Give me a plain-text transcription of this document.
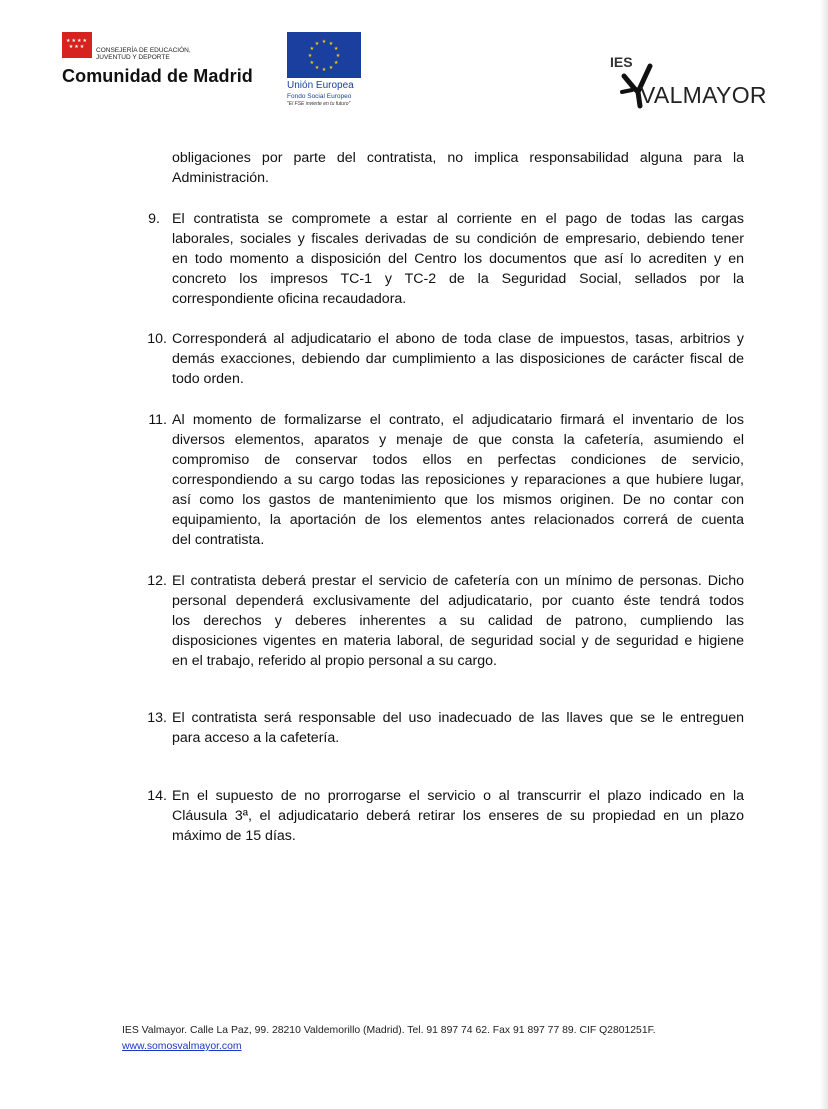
★★★★
★★★	CONSEJERÍA DE EDUCACIÓN, JUVENTUD Y DEPORTE
Comunidad de Madrid
★ ★
★
★
★
★
★
★
★
★
★
★
Unión Europea
Fondo Social Europeo
"El FSE invierte en tu futuro"
IES
VALMAYOR
obligaciones por parte del contratista, no implica responsabilidad alguna para la
Administración.
9. El contratista se compromete a estar al corriente en el pago de todas las cargas
laborales, sociales y fiscales derivadas de su condición de empresario, debiendo tener
en todo momento a disposición del Centro los documentos que así lo acrediten y en
concreto los impresos TC-1 y TC-2 de la Seguridad Social, sellados por la
correspondiente oficina recaudadora.
10. Corresponderá al adjudicatario el abono de toda clase de impuestos, tasas, arbitrios y
demás exacciones, debiendo dar cumplimiento a las disposiciones de carácter fiscal de
todo orden.
11. Al momento de formalizarse el contrato, el adjudicatario firmará el inventario de los
diversos elementos, aparatos y menaje de que consta la cafetería, asumiendo el
compromiso de conservar todos ellos en perfectas condiciones de servicio,
correspondiendo a su cargo todas las reposiciones y reparaciones a que hubiere lugar,
así como los gastos de mantenimiento que los mismos originen. De no contar con
equipamiento, la aportación de los elementos antes relacionados correrá de cuenta
del contratista.
12. El contratista deberá prestar el servicio de cafetería con un mínimo de personas. Dicho
personal dependerá exclusivamente del adjudicatario, por cuanto éste tendrá todos
los derechos y deberes inherentes a su calidad de patrono, cumpliendo las
disposiciones vigentes en materia laboral, de seguridad social y de seguridad e higiene
en el trabajo, referido al propio personal a su cargo.
13. El contratista será responsable del uso inadecuado de las llaves que se le entreguen
para acceso a la cafetería.
14. En el supuesto de no prorrogarse el servicio o al transcurrir el plazo indicado en la
Cláusula 3ª, el adjudicatario deberá retirar los enseres de su propiedad en un plazo
máximo de 15 días.
IES Valmayor. Calle La Paz, 99. 28210 Valdemorillo (Madrid). Tel. 91 897 74 62. Fax 91 897 77 89. CIF Q2801251F.
www.somosvalmayor.com
